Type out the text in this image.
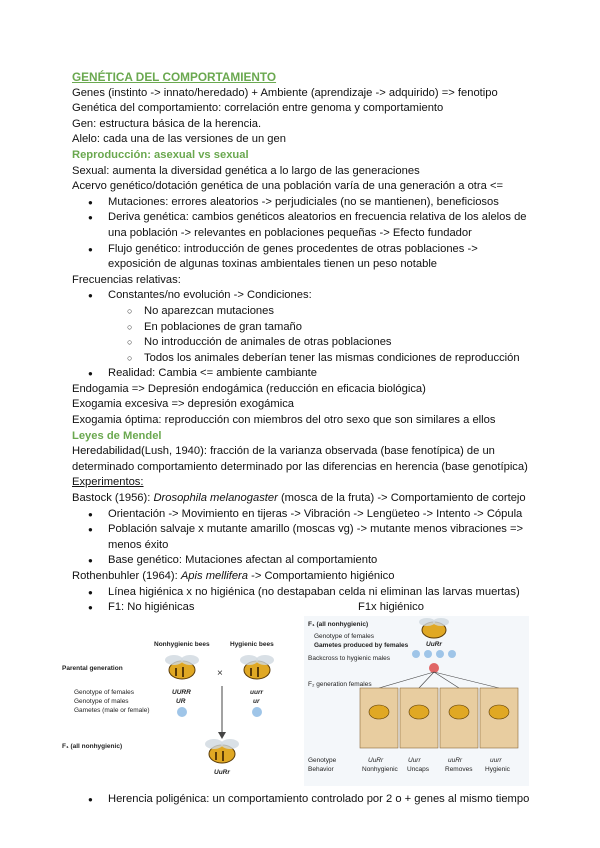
GENÉTICA DEL COMPORTAMIENTO
Genes (instinto -> innato/heredado) + Ambiente (aprendizaje -> adquirido) => fenotipo
Genética del comportamiento: correlación entre genoma y comportamiento
Gen: estructura básica de la herencia.
Alelo: cada una de las versiones de un gen
Reproducción: asexual vs sexual
Sexual: aumenta la diversidad genética a lo largo de las generaciones
Acervo genético/dotación genética de una población varía de una generación a otra <=
● Mutaciones: errores aleatorios -> perjudiciales (no se mantienen), beneficiosos
● Deriva genética: cambios genéticos aleatorios en frecuencia relativa de los alelos de una población -> relevantes en poblaciones pequeñas -> Efecto fundador
● Flujo genético: introducción de genes procedentes de otras poblaciones -> exposición de algunas toxinas ambientales tienen un peso notable
Frecuencias relativas:
● Constantes/no evolución -> Condiciones:
○ No aparezcan mutaciones
○ En poblaciones de gran tamaño
○ No introducción de animales de otras poblaciones
○ Todos los animales deberían tener las mismas condiciones de reproducción
● Realidad: Cambia <= ambiente cambiante
Endogamia => Depresión endogámica (reducción en eficacia biológica)
Exogamia excesiva => depresión exogámica
Exogamia óptima: reproducción con miembros del otro sexo que son similares a ellos
Leyes de Mendel
Heredabilidad(Lush, 1940): fracción de la varianza observada (base fenotípica) de un determinado comportamiento determinado por las diferencias en herencia (base genotípica)
Experimentos:
Bastock (1956): Drosophila melanogaster (mosca de la fruta) -> Comportamiento de cortejo
● Orientación -> Movimiento en tijeras -> Vibración -> Lengüeteo -> Intento -> Cópula
● Población salvaje x mutante amarillo (moscas vg) -> mutante menos vibraciones => menos éxito
● Base genético: Mutaciones afectan al comportamiento
Rothenbuhler (1964): Apis mellifera -> Comportamiento higiénico
● Línea higiénica x no higiénica (no destapaban celda ni eliminan las larvas muertas)
● F1: No higiénicas	F1x higiénico
Nonhygienic bees	Hygienic bees
Parental generation	×
Genotype of females
Genotype of males
Gametes (male or female)
UURR
UR
uurr
ur
F₁ (all nonhygienic)
UuRr
F₁ (all nonhygienic)
Genotype of females
Gametes produced by females
Backcross to hygienic males
F₂ generation females
UuRr
Genotype
Behavior
UuRr
Nonhygienic
Uurr
Uncaps
uuRr
Removes
uurr
Hygienic
● Herencia poligénica: un comportamiento controlado por 2 o + genes al mismo tiempo
